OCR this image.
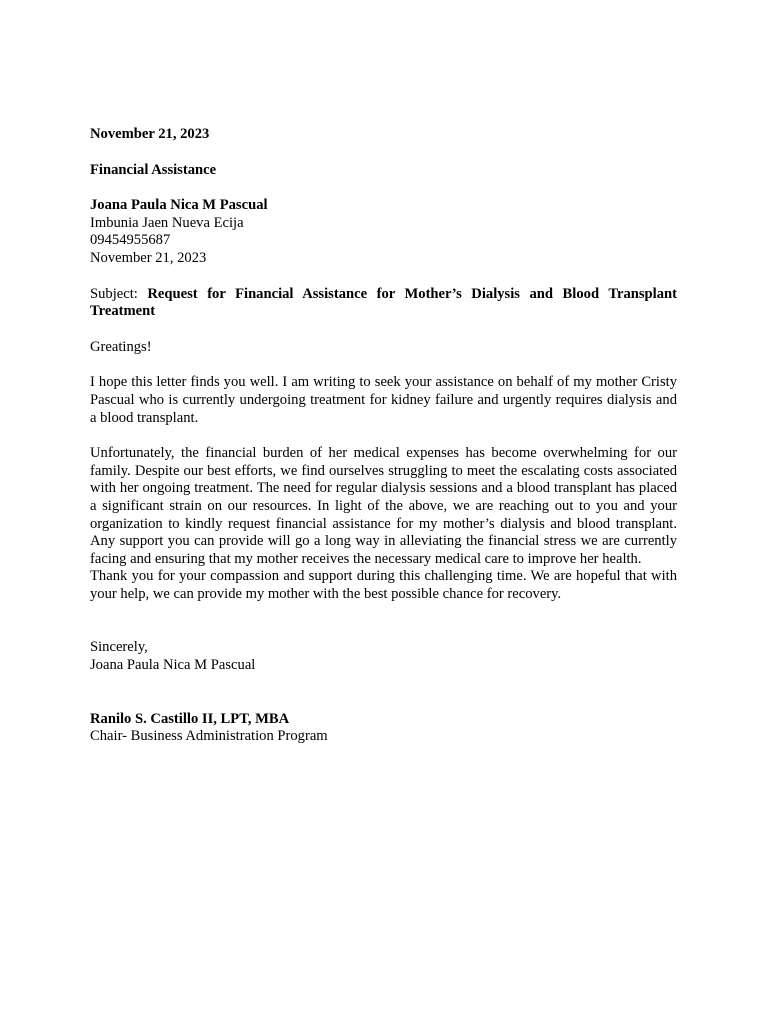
November 21, 2023
Financial Assistance
Joana Paula Nica M Pascual
Imbunia Jaen Nueva Ecija
09454955687
November 21, 2023

Subject: Request for Financial Assistance for Mother’s Dialysis and Blood Transplant Treatment

Greatings!

I hope this letter finds you well. I am writing to seek your assistance on behalf of my mother Cristy Pascual who is currently undergoing treatment for kidney failure and urgently requires dialysis and a blood transplant.

Unfortunately, the financial burden of her medical expenses has become overwhelming for our family. Despite our best efforts, we find ourselves struggling to meet the escalating costs associated with her ongoing treatment. The need for regular dialysis sessions and a blood transplant has placed a significant strain on our resources. In light of the above, we are reaching out to you and your organization to kindly request financial assistance for my mother’s dialysis and blood transplant. Any support you can provide will go a long way in alleviating the financial stress we are currently facing and ensuring that my mother receives the necessary medical care to improve her health.

Thank you for your compassion and support during this challenging time. We are hopeful that with your help, we can provide my mother with the best possible chance for recovery.

Sincerely,
Joana Paula Nica M Pascual
Ranilo S. Castillo II, LPT, MBA
Chair- Business Administration Program
